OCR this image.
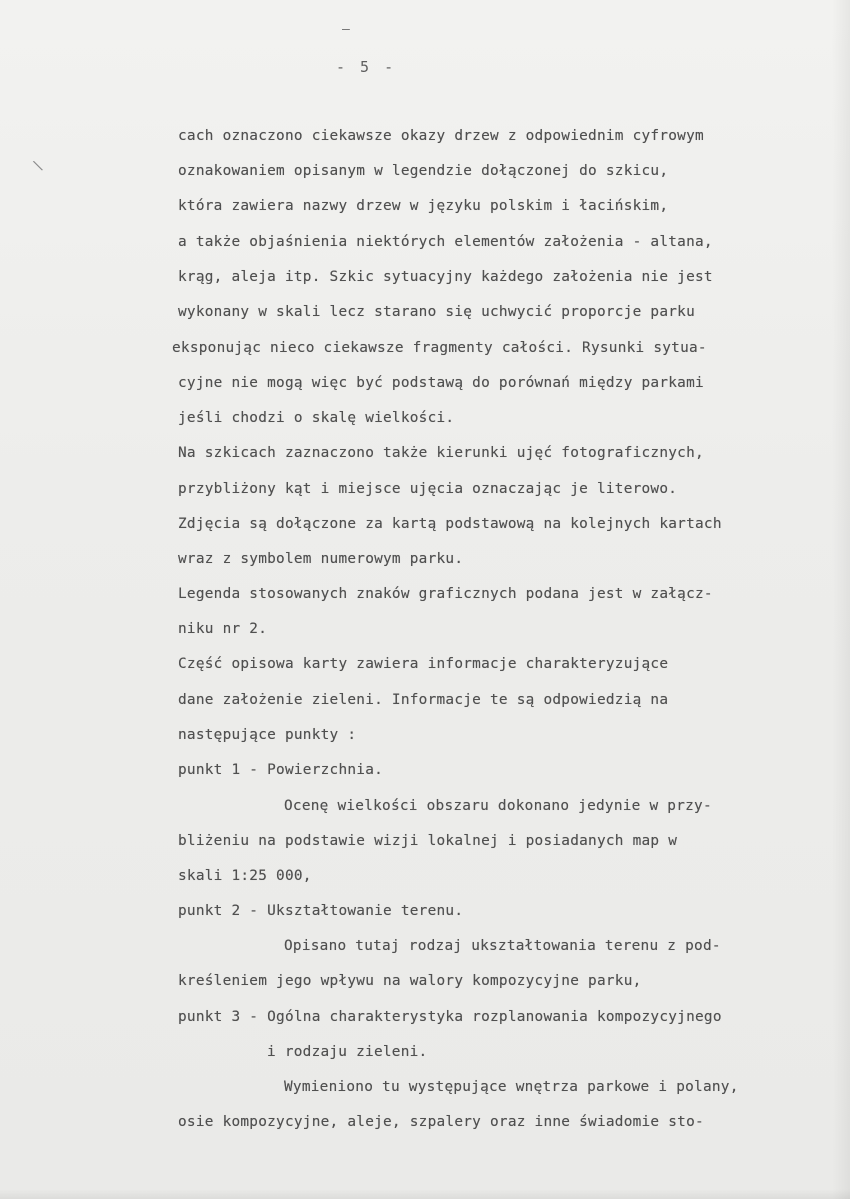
—
- 5 -
\

cach oznaczono ciekawsze okazy drzew z odpowiednim cyfrowym

oznakowaniem opisanym w legendzie dołączonej do szkicu,

która zawiera nazwy drzew w języku polskim i łacińskim,

a także objaśnienia niektórych elementów założenia - altana,

krąg, aleja itp. Szkic sytuacyjny każdego założenia nie jest

wykonany w skali lecz starano się uchwycić proporcje parku

eksponując nieco ciekawsze fragmenty całości. Rysunki sytua-

cyjne nie mogą więc być podstawą do porównań między parkami

jeśli chodzi o skalę wielkości.

Na szkicach zaznaczono także kierunki ujęć fotograficznych,

przybliżony kąt i miejsce ujęcia oznaczając je literowo.

Zdjęcia są dołączone za kartą podstawową na kolejnych kartach

wraz z symbolem numerowym parku.

Legenda stosowanych znaków graficznych podana jest w załącz-

niku nr 2.

Część opisowa karty zawiera informacje charakteryzujące

dane założenie zieleni. Informacje te są odpowiedzią na

następujące punkty :

punkt 1 - Powierzchnia.

Ocenę wielkości obszaru dokonano jedynie w przy-

bliżeniu na podstawie wizji lokalnej i posiadanych map w

skali 1:25 000,

punkt 2 - Ukształtowanie terenu.

Opisano tutaj rodzaj ukształtowania terenu z pod-

kreśleniem jego wpływu na walory kompozycyjne parku,

punkt 3 - Ogólna charakterystyka rozplanowania kompozycyjnego

i rodzaju zieleni.

Wymieniono tu występujące wnętrza parkowe i polany,

osie kompozycyjne, aleje, szpalery oraz inne świadomie sto-
